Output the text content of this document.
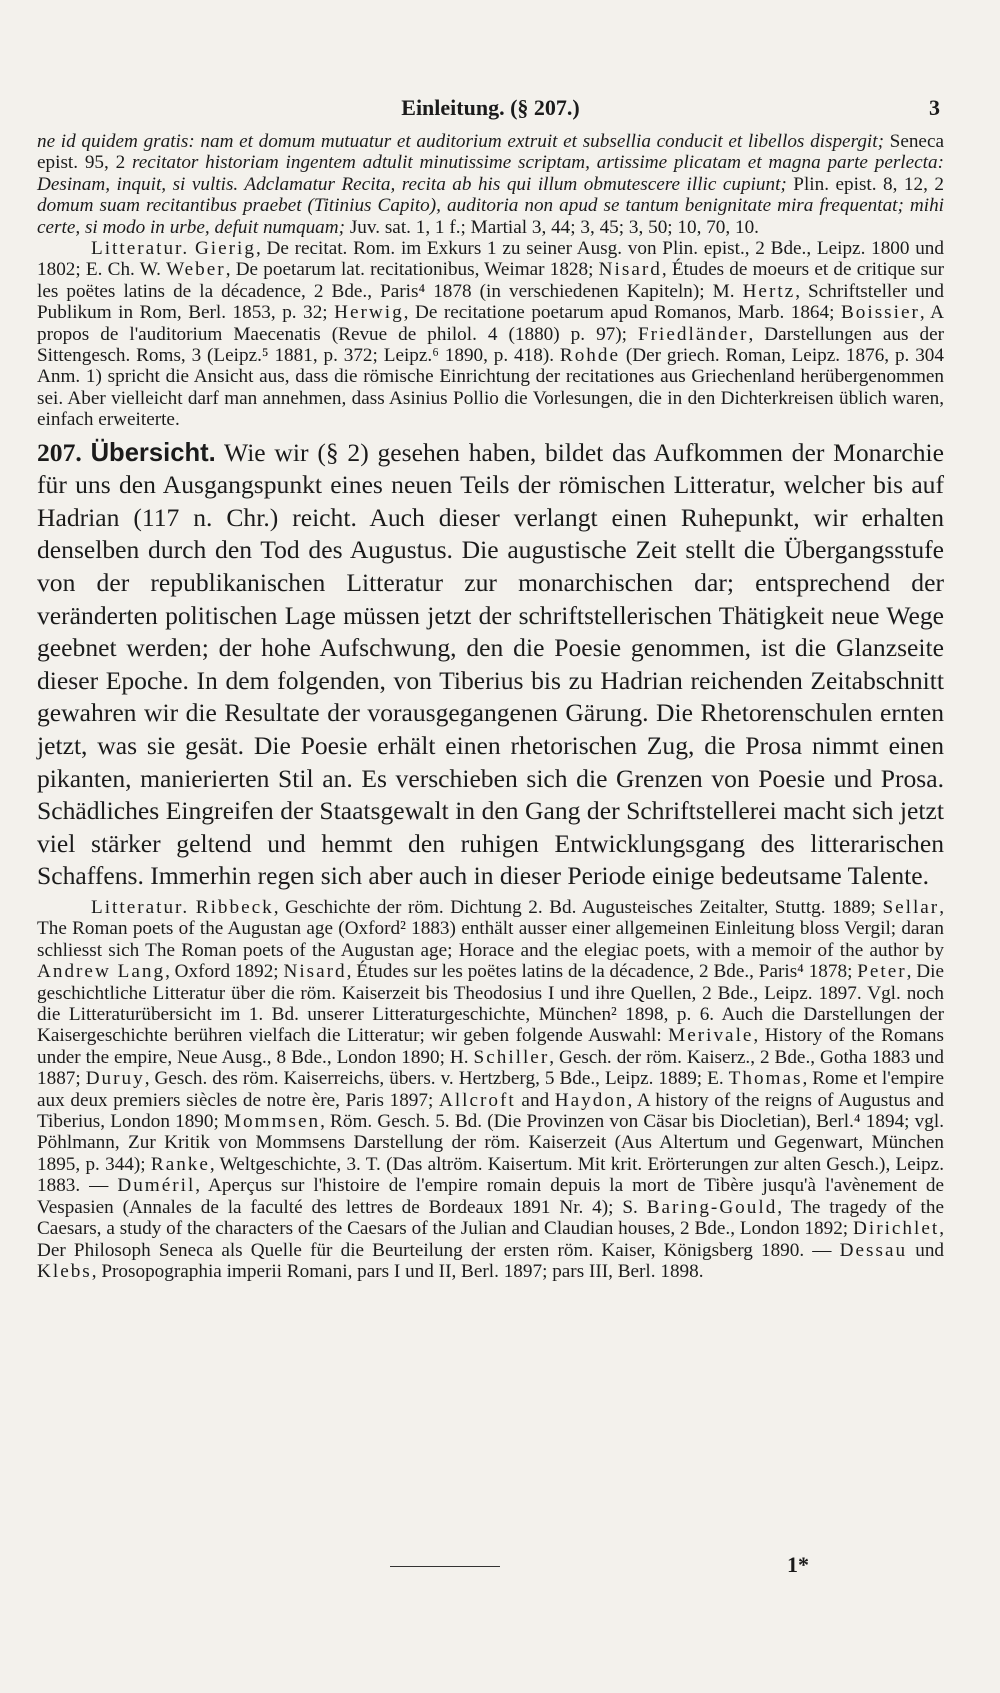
Einleitung. (§ 207.)	3

ne id quidem gratis: nam et domum mutuatur et auditorium extruit et subsellia conducit et libellos dispergit; Seneca epist. 95, 2 recitator historiam ingentem adtulit minutissime scriptam, artissime plicatam et magna parte perlecta: Desinam, inquit, si vultis. Adclamatur Recita, recita ab his qui illum obmutescere illic cupiunt; Plin. epist. 8, 12, 2 domum suam recitantibus praebet (Titinius Capito), auditoria non apud se tantum benignitate mira frequentat; mihi certe, si modo in urbe, defuit numquam; Juv. sat. 1, 1 f.; Martial 3, 44; 3, 45; 3, 50; 10, 70, 10.

Litteratur. Gierig, De recitat. Rom. im Exkurs 1 zu seiner Ausg. von Plin. epist., 2 Bde., Leipz. 1800 und 1802; E. Ch. W. Weber, De poetarum lat. recitationibus, Weimar 1828; Nisard, Études de moeurs et de critique sur les poëtes latins de la décadence, 2 Bde., Paris⁴ 1878 (in verschiedenen Kapiteln); M. Hertz, Schriftsteller und Publikum in Rom, Berl. 1853, p. 32; Herwig, De recitatione poetarum apud Romanos, Marb. 1864; Boissier, A propos de l'auditorium Maecenatis (Revue de philol. 4 (1880) p. 97); Friedländer, Darstellungen aus der Sittengesch. Roms, 3 (Leipz.⁵ 1881, p. 372; Leipz.⁶ 1890, p. 418). Rohde (Der griech. Roman, Leipz. 1876, p. 304 Anm. 1) spricht die Ansicht aus, dass die römische Einrichtung der recitationes aus Griechenland herübergenommen sei. Aber vielleicht darf man annehmen, dass Asinius Pollio die Vorlesungen, die in den Dichterkreisen üblich waren, einfach erweiterte.

207. Übersicht. Wie wir (§ 2) gesehen haben, bildet das Aufkommen der Monarchie für uns den Ausgangspunkt eines neuen Teils der römischen Litteratur, welcher bis auf Hadrian (117 n. Chr.) reicht. Auch dieser verlangt einen Ruhepunkt, wir erhalten denselben durch den Tod des Augustus. Die augustische Zeit stellt die Übergangsstufe von der republikanischen Litteratur zur monarchischen dar; entsprechend der veränderten politischen Lage müssen jetzt der schriftstellerischen Thätigkeit neue Wege geebnet werden; der hohe Aufschwung, den die Poesie genommen, ist die Glanzseite dieser Epoche. In dem folgenden, von Tiberius bis zu Hadrian reichenden Zeitabschnitt gewahren wir die Resultate der vorausgegangenen Gärung. Die Rhetorenschulen ernten jetzt, was sie gesät. Die Poesie erhält einen rhetorischen Zug, die Prosa nimmt einen pikanten, manierierten Stil an. Es verschieben sich die Grenzen von Poesie und Prosa. Schädliches Eingreifen der Staatsgewalt in den Gang der Schriftstellerei macht sich jetzt viel stärker geltend und hemmt den ruhigen Entwicklungsgang des litterarischen Schaffens. Immerhin regen sich aber auch in dieser Periode einige bedeutsame Talente.

Litteratur. Ribbeck, Geschichte der röm. Dichtung 2. Bd. Augusteisches Zeitalter, Stuttg. 1889; Sellar, The Roman poets of the Augustan age (Oxford² 1883) enthält ausser einer allgemeinen Einleitung bloss Vergil; daran schliesst sich The Roman poets of the Augustan age; Horace and the elegiac poets, with a memoir of the author by Andrew Lang, Oxford 1892; Nisard, Études sur les poëtes latins de la décadence, 2 Bde., Paris⁴ 1878; Peter, Die geschichtliche Litteratur über die röm. Kaiserzeit bis Theodosius I und ihre Quellen, 2 Bde., Leipz. 1897. Vgl. noch die Litteraturübersicht im 1. Bd. unserer Litteraturgeschichte, München² 1898, p. 6. Auch die Darstellungen der Kaisergeschichte berühren vielfach die Litteratur; wir geben folgende Auswahl: Merivale, History of the Romans under the empire, Neue Ausg., 8 Bde., London 1890; H. Schiller, Gesch. der röm. Kaiserz., 2 Bde., Gotha 1883 und 1887; Duruy, Gesch. des röm. Kaiserreichs, übers. v. Hertzberg, 5 Bde., Leipz. 1889; E. Thomas, Rome et l'empire aux deux premiers siècles de notre ère, Paris 1897; Allcroft and Haydon, A history of the reigns of Augustus and Tiberius, London 1890; Mommsen, Röm. Gesch. 5. Bd. (Die Provinzen von Cäsar bis Diocletian), Berl.⁴ 1894; vgl. Pöhlmann, Zur Kritik von Mommsens Darstellung der röm. Kaiserzeit (Aus Altertum und Gegenwart, München 1895, p. 344); Ranke, Weltgeschichte, 3. T. (Das altröm. Kaisertum. Mit krit. Erörterungen zur alten Gesch.), Leipz. 1883. — Duméril, Aperçus sur l'histoire de l'empire romain depuis la mort de Tibère jusqu'à l'avènement de Vespasien (Annales de la faculté des lettres de Bordeaux 1891 Nr. 4); S. Baring-Gould, The tragedy of the Caesars, a study of the characters of the Caesars of the Julian and Claudian houses, 2 Bde., London 1892; Dirichlet, Der Philosoph Seneca als Quelle für die Beurteilung der ersten röm. Kaiser, Königsberg 1890. — Dessau und Klebs, Prosopographia imperii Romani, pars I und II, Berl. 1897; pars III, Berl. 1898.

1*
